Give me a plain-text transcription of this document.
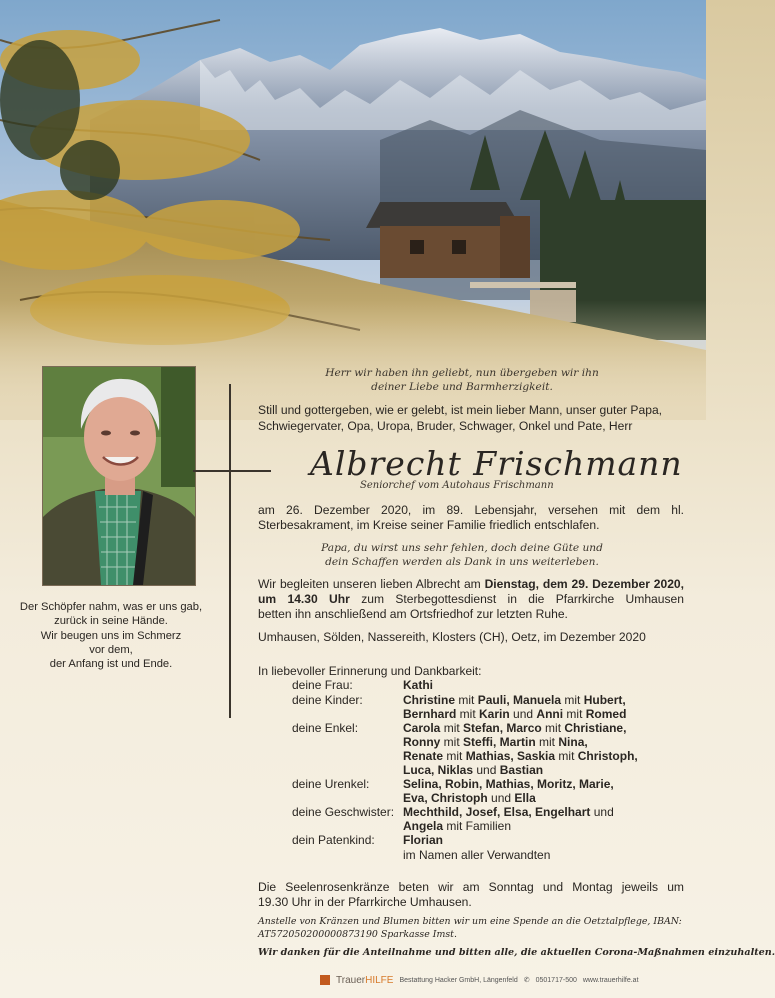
Der Schöpfer nahm, was er uns gab,
zurück in seine Hände.
Wir beugen uns im Schmerz
vor dem,
der Anfang ist und Ende.
Herr wir haben ihn geliebt, nun übergeben wir ihn
deiner Liebe und Barmherzigkeit.
Still und gottergeben, wie er gelebt, ist mein lieber Mann, unser guter Papa,
Schwiegervater, Opa, Uropa, Bruder, Schwager, Onkel und Pate, Herr
Albrecht Frischmann
Seniorchef vom Autohaus Frischmann
am 26. Dezember 2020, im 89. Lebensjahr, versehen mit dem hl.
Sterbesakrament, im Kreise seiner Familie friedlich entschlafen.
Papa, du wirst uns sehr fehlen, doch deine Güte und
dein Schaffen werden als Dank in uns weiterleben.
Wir begleiten unseren lieben Albrecht am Dienstag, dem 29. Dezember 2020,
um 14.30 Uhr zum Sterbegottesdienst in die Pfarrkirche Umhausen
betten ihn anschließend am Ortsfriedhof zur letzten Ruhe.
Umhausen, Sölden, Nassereith, Klosters (CH), Oetz, im Dezember 2020
In liebevoller Erinnerung und Dankbarkeit:
deine Frau:	Kathi
deine Kinder:	Christine mit Pauli, Manuela mit Hubert,
Bernhard mit Karin und Anni mit Romed
deine Enkel:	Carola mit Stefan, Marco mit Christiane,
Ronny mit Steffi, Martin mit Nina,
Renate mit Mathias, Saskia mit Christoph,
Luca, Niklas und Bastian
deine Urenkel:	Selina, Robin, Mathias, Moritz, Marie,
Eva, Christoph und Ella
deine Geschwister: Mechthild, Josef, Elsa, Engelhart und
Angela mit Familien
dein Patenkind: Florian
im Namen aller Verwandten
Die Seelenrosenkränze beten wir am Sonntag und Montag jeweils um
19.30 Uhr in der Pfarrkirche Umhausen.
Anstelle von Kränzen und Blumen bitten wir um eine Spende an die Oetztalpflege, IBAN:
AT572050200000873190 Sparkasse Imst.
Wir danken für die Anteilnahme und bitten alle, die aktuellen Corona-Maßnahmen einzuhalten.
TrauerHILFE Bestattung Hacker GmbH, Längenfeld ✆ 0501717-500 www.trauerhilfe.at
